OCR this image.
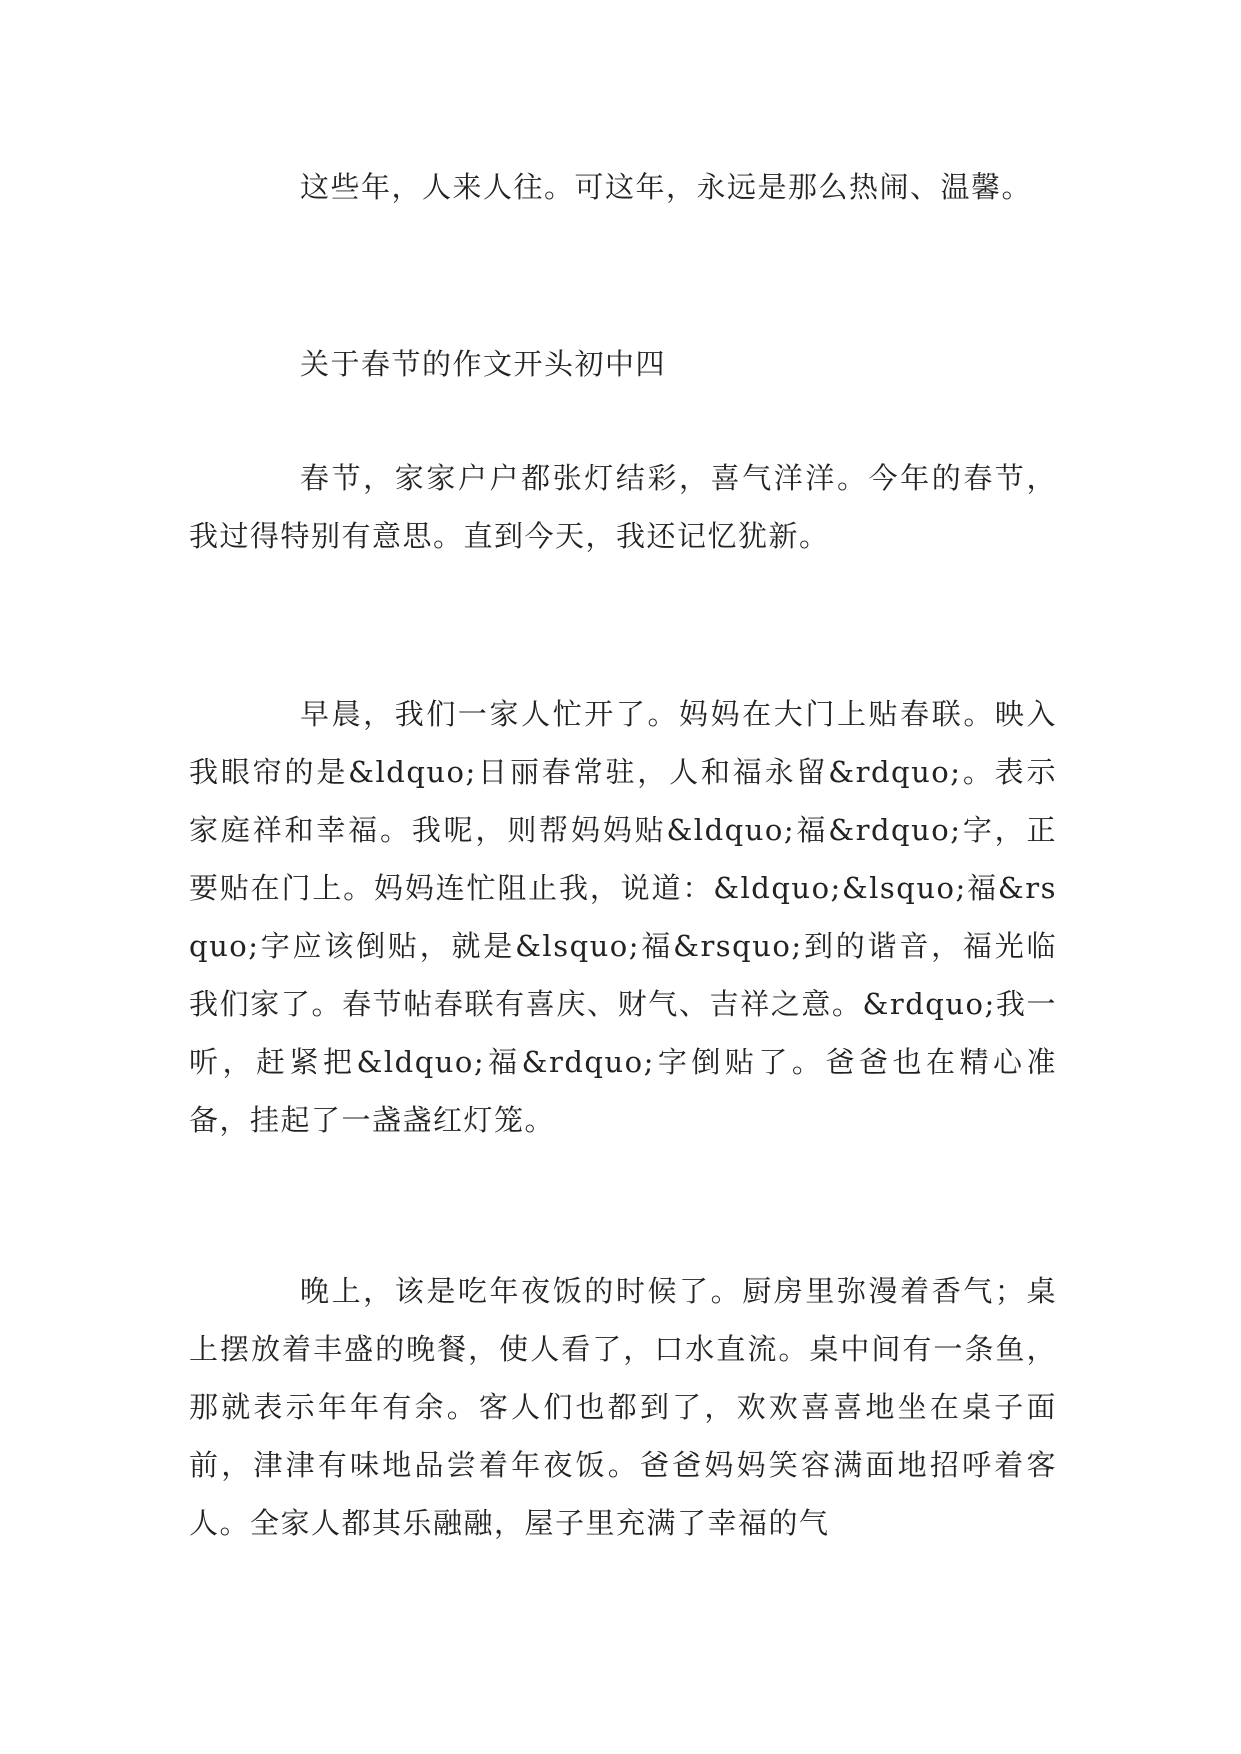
这些年，人来人往。可这年，永远是那么热闹、温馨。

关于春节的作文开头初中四

春节，家家户户都张灯结彩，喜气洋洋。今年的春节，我过得特别有意思。直到今天，我还记忆犹新。

早晨，我们一家人忙开了。妈妈在大门上贴春联。映入我眼帘的是&ldquo;日丽春常驻，人和福永留&rdquo;。表示家庭祥和幸福。我呢，则帮妈妈贴&ldquo;福&rdquo;字，正要贴在门上。妈妈连忙阻止我，说道：&ldquo;&lsquo;福&rsquo;字应该倒贴，就是&lsquo;福&rsquo;到的谐音，福光临我们家了。春节帖春联有喜庆、财气、吉祥之意。&rdquo;我一听，赶紧把&ldquo;福&rdquo;字倒贴了。爸爸也在精心准备，挂起了一盏盏红灯笼。

晚上，该是吃年夜饭的时候了。厨房里弥漫着香气；桌上摆放着丰盛的晚餐，使人看了，口水直流。桌中间有一条鱼，那就表示年年有余。客人们也都到了，欢欢喜喜地坐在桌子面前，津津有味地品尝着年夜饭。爸爸妈妈笑容满面地招呼着客人。全家人都其乐融融，屋子里充满了幸福的气
